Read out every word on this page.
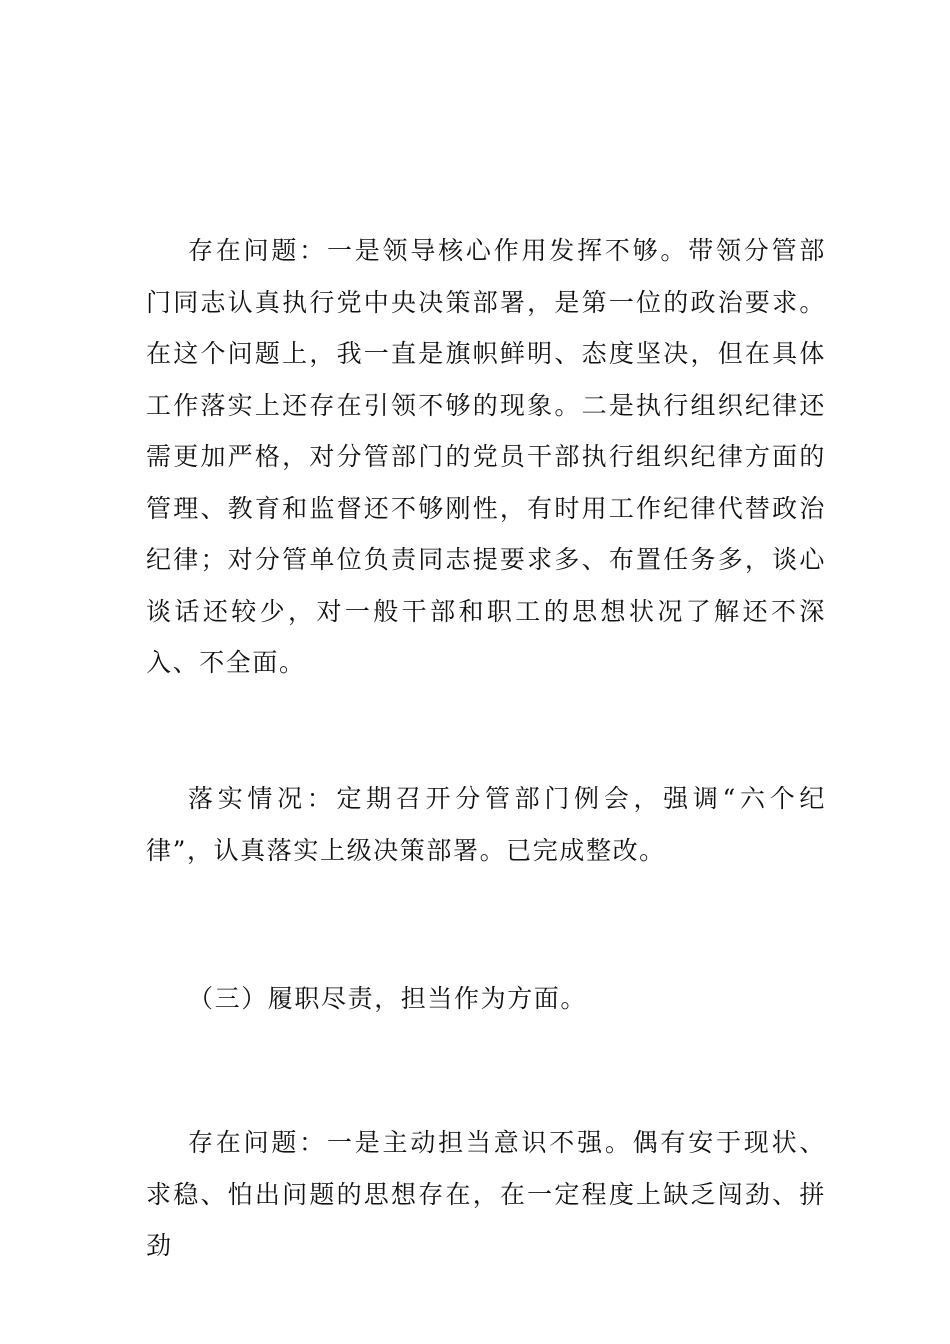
存在问题：一是领导核心作用发挥不够。带领分管部门同志认真执行党中央决策部署，是第一位的政治要求。在这个问题上，我一直是旗帜鲜明、态度坚决，但在具体工作落实上还存在引领不够的现象。二是执行组织纪律还需更加严格，对分管部门的党员干部执行组织纪律方面的管理、教育和监督还不够刚性，有时用工作纪律代替政治纪律；对分管单位负责同志提要求多、布置任务多，谈心谈话还较少，对一般干部和职工的思想状况了解还不深入、不全面。

落实情况：定期召开分管部门例会，强调“六个纪律”，认真落实上级决策部署。已完成整改。

（三）履职尽责，担当作为方面。

存在问题：一是主动担当意识不强。偶有安于现状、求稳、怕出问题的思想存在，在一定程度上缺乏闯劲、拼劲
